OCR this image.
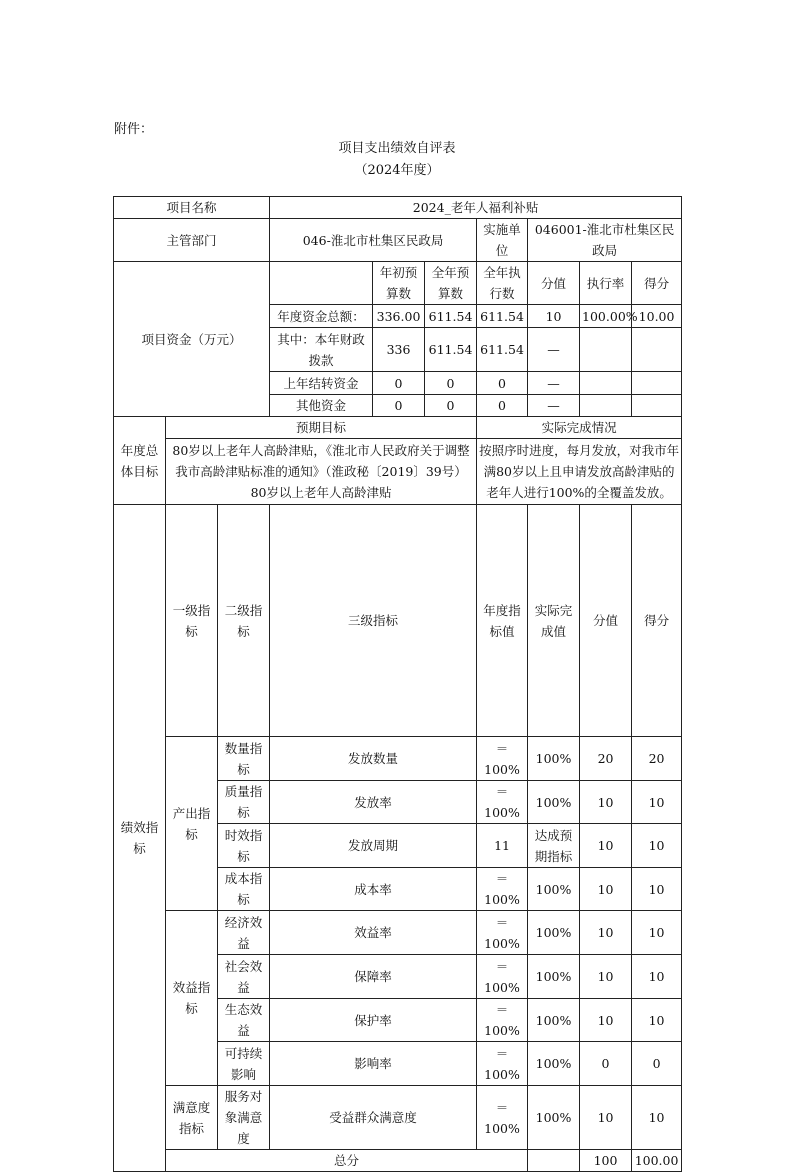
附件：
项目支出绩效自评表
（2024年度）
项目名称			2024_老年人福利补贴							
主管部门			046-淮北市杜集区民政局			实施单位	046001-淮北市杜集区民政局			
项目资金（万元）				年初预算数	全年预算数	全年执行数	分值	执行率	得分	
			年度资金总额：	336.00	611.54	611.54	10	100.00%	10.00	
			其中：本年财政拨款	336	611.54	611.54	—			
			上年结转资金	0	0	0	—			
			其他资金	0	0	0	—			
年度总体目标	预期目标					实际完成情况				
	80岁以上老年人高龄津贴，《淮北市人民政府关于调整我市高龄津贴标准的通知》（淮政秘〔2019〕39号）80岁以上老年人高龄津贴					按照序时进度，每月发放，对我市年满80岁以上且申请发放高龄津贴的老年人进行100%的全覆盖发放。				
绩效指标	一级指标	二级指标	三级指标			年度指标值	实际完成值	分值	得分	
	产出指标	数量指标	发放数量			＝100%	100%	20	20	
		质量指标	发放率			＝100%	100%	10	10	
		时效指标	发放周期			11	达成预期指标	10	10	
		成本指标	成本率			＝100%	100%	10	10	
	效益指标	经济效益	效益率			＝100%	100%	10	10	
		社会效益	保障率			＝100%	100%	10	10	
		生态效益	保护率			＝100%	100%	10	10	
		可持续影响	影响率			＝100%	100%	0	0	
	满意度指标	服务对象满意度	受益群众满意度			＝100%	100%	10	10	
	总分							100	100.00	
